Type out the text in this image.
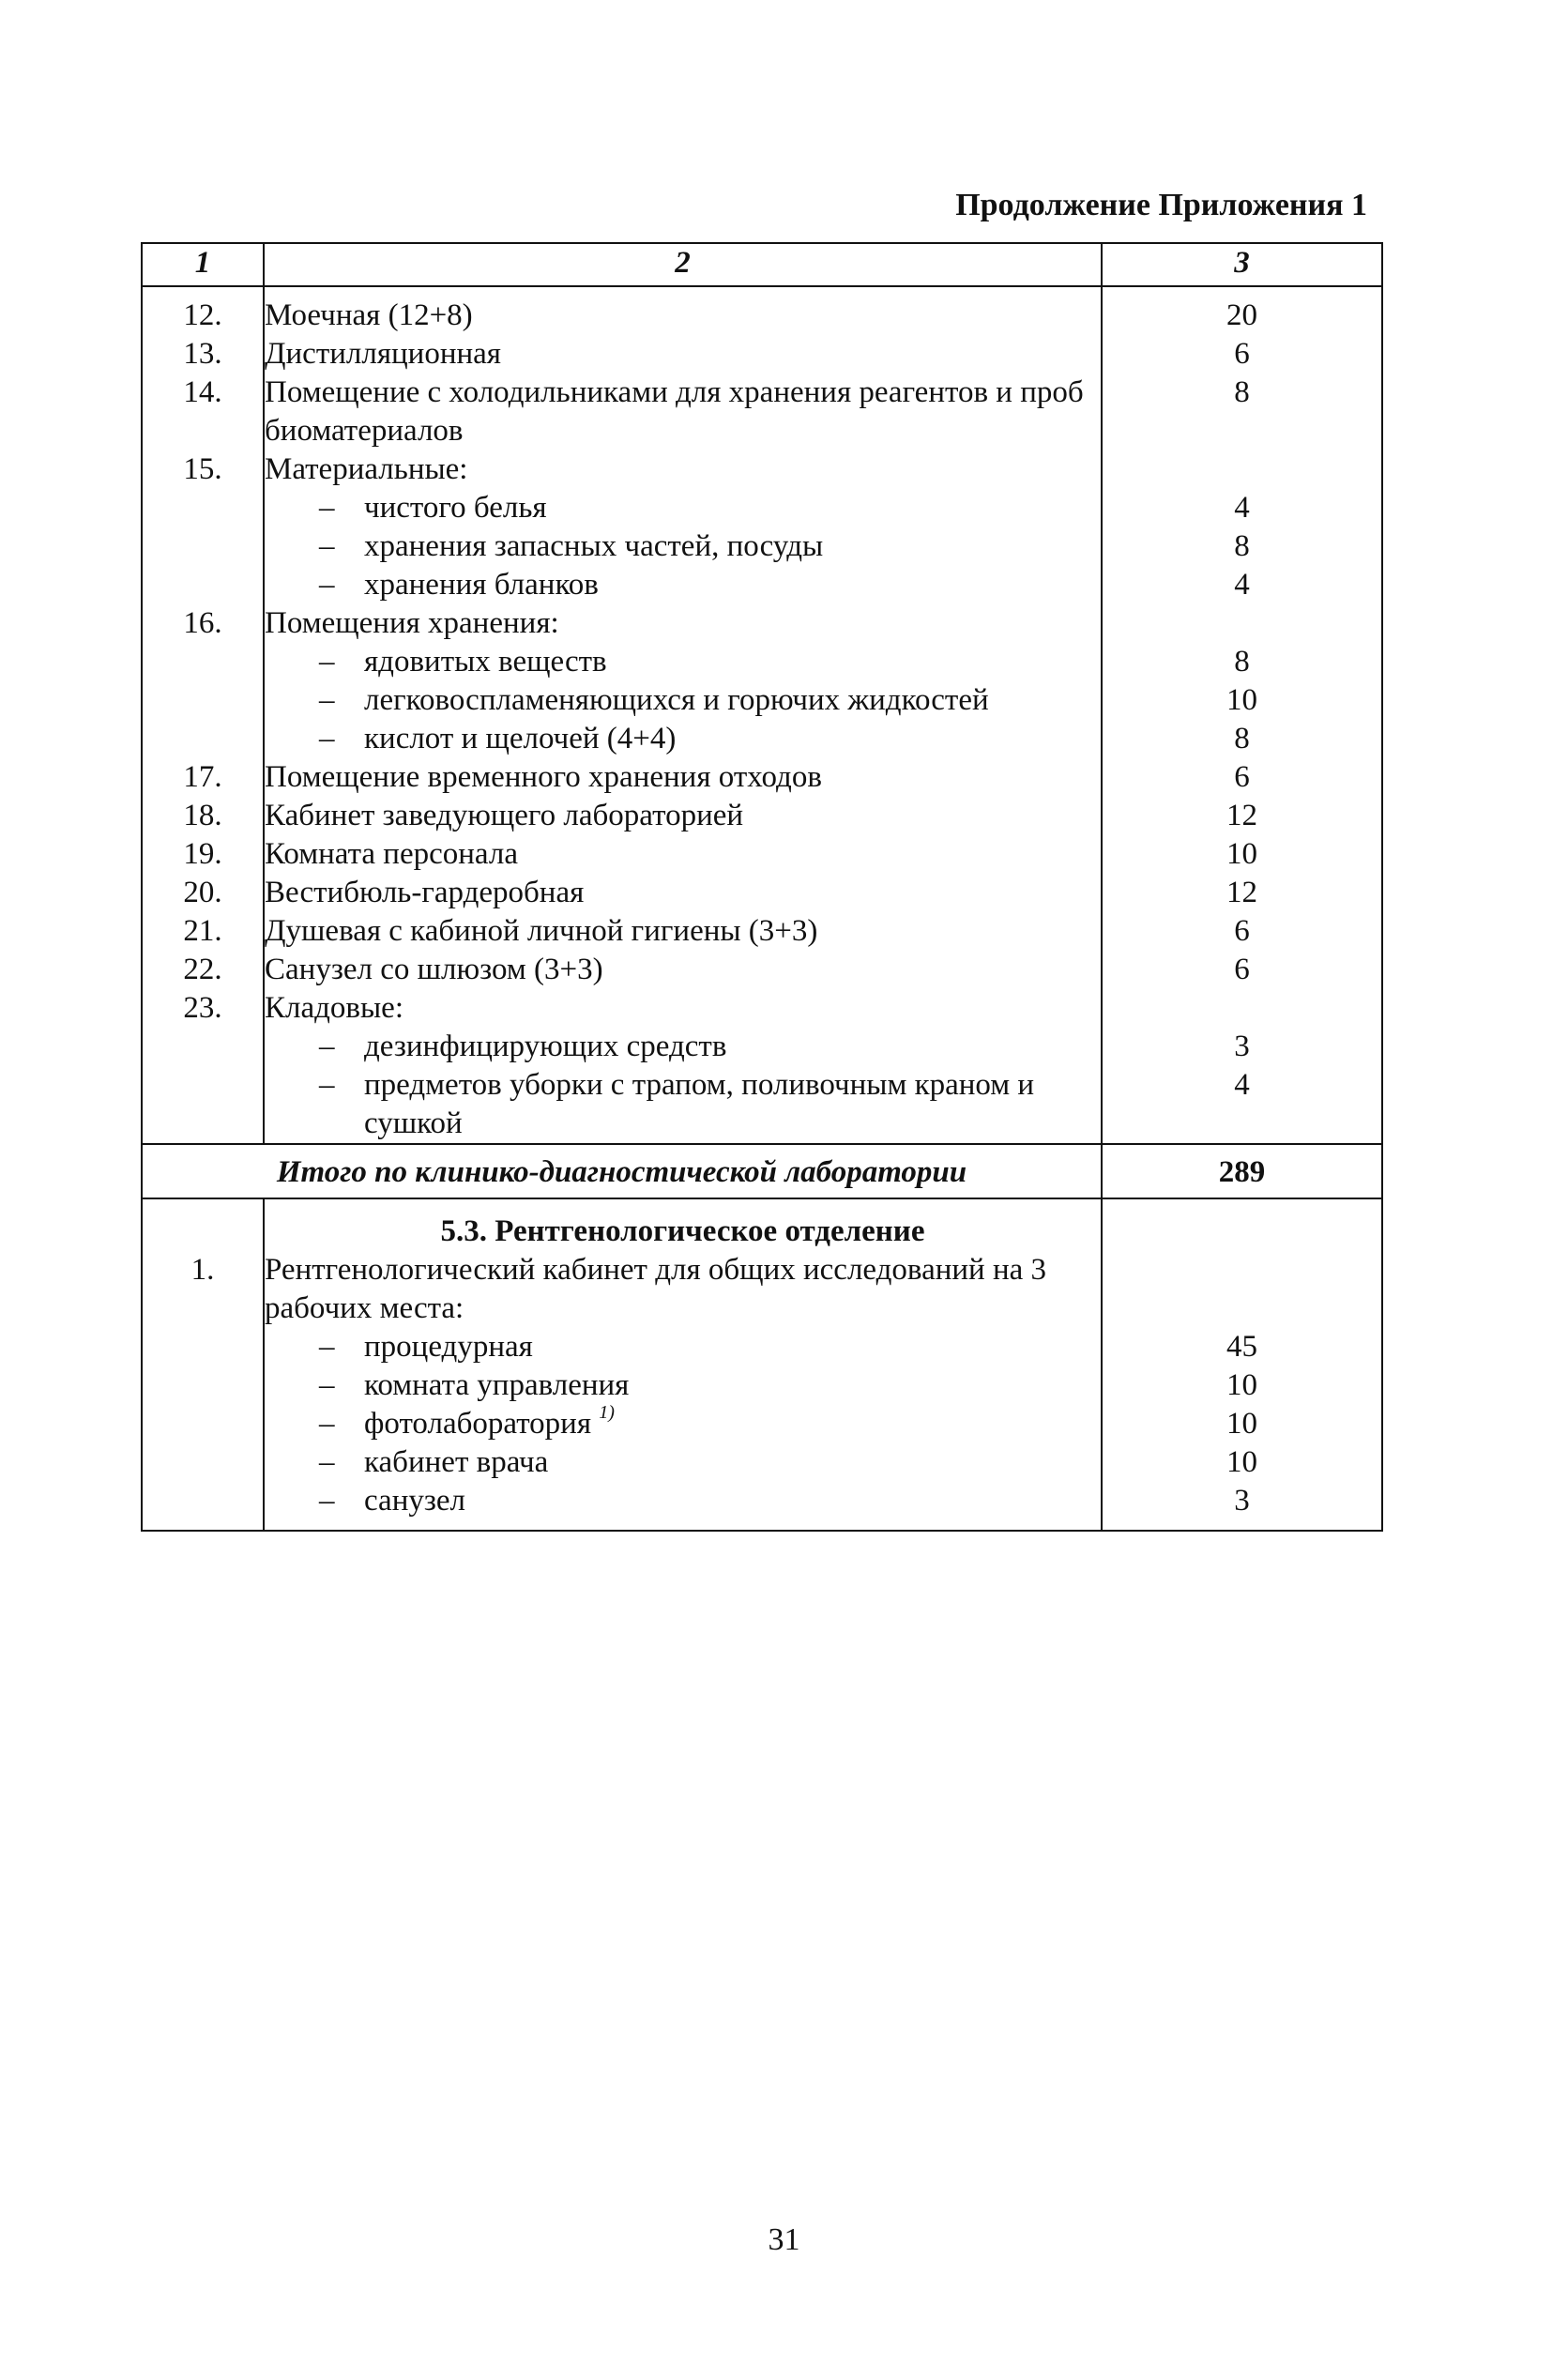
Продолжение Приложения 1
1	2	3
12.	Моечная (12+8)	20
13.	Дистилляционная	6
14.	Помещение с холодильниками для хранения реагентов и проб биоматериалов	8
15.	Материальные:	

	– чистого белья	4

	– хранения запасных частей, посуды	8

	– хранения бланков	4
16.	Помещения хранения:	

	– ядовитых веществ	8

	– легковоспламеняющихся и горючих жидкостей	10

	– кислот и щелочей (4+4)	8
17.	Помещение временного хранения отходов	6
18.	Кабинет заведующего лабораторией	12
19.	Комната персонала	10
20.	Вестибюль-гардеробная	12
21.	Душевая с кабиной личной гигиены (3+3)	6
22.	Санузел со шлюзом (3+3)	6
23.	Кладовые:	

	– дезинфицирующих средств	3

	– предметов уборки с трапом, поливочным краном и сушкой	4
Итого по клинико-диагностической лаборатории		289
	5.3. Рентгенологическое отделение	
1.	Рентгенологический кабинет для общих исследований на 3 рабочих места:	

	– процедурная	45

	– комната управления	10

	– фотолаборатория $^{1)}$	10

	– кабинет врача	10

	– санузел	3
31
